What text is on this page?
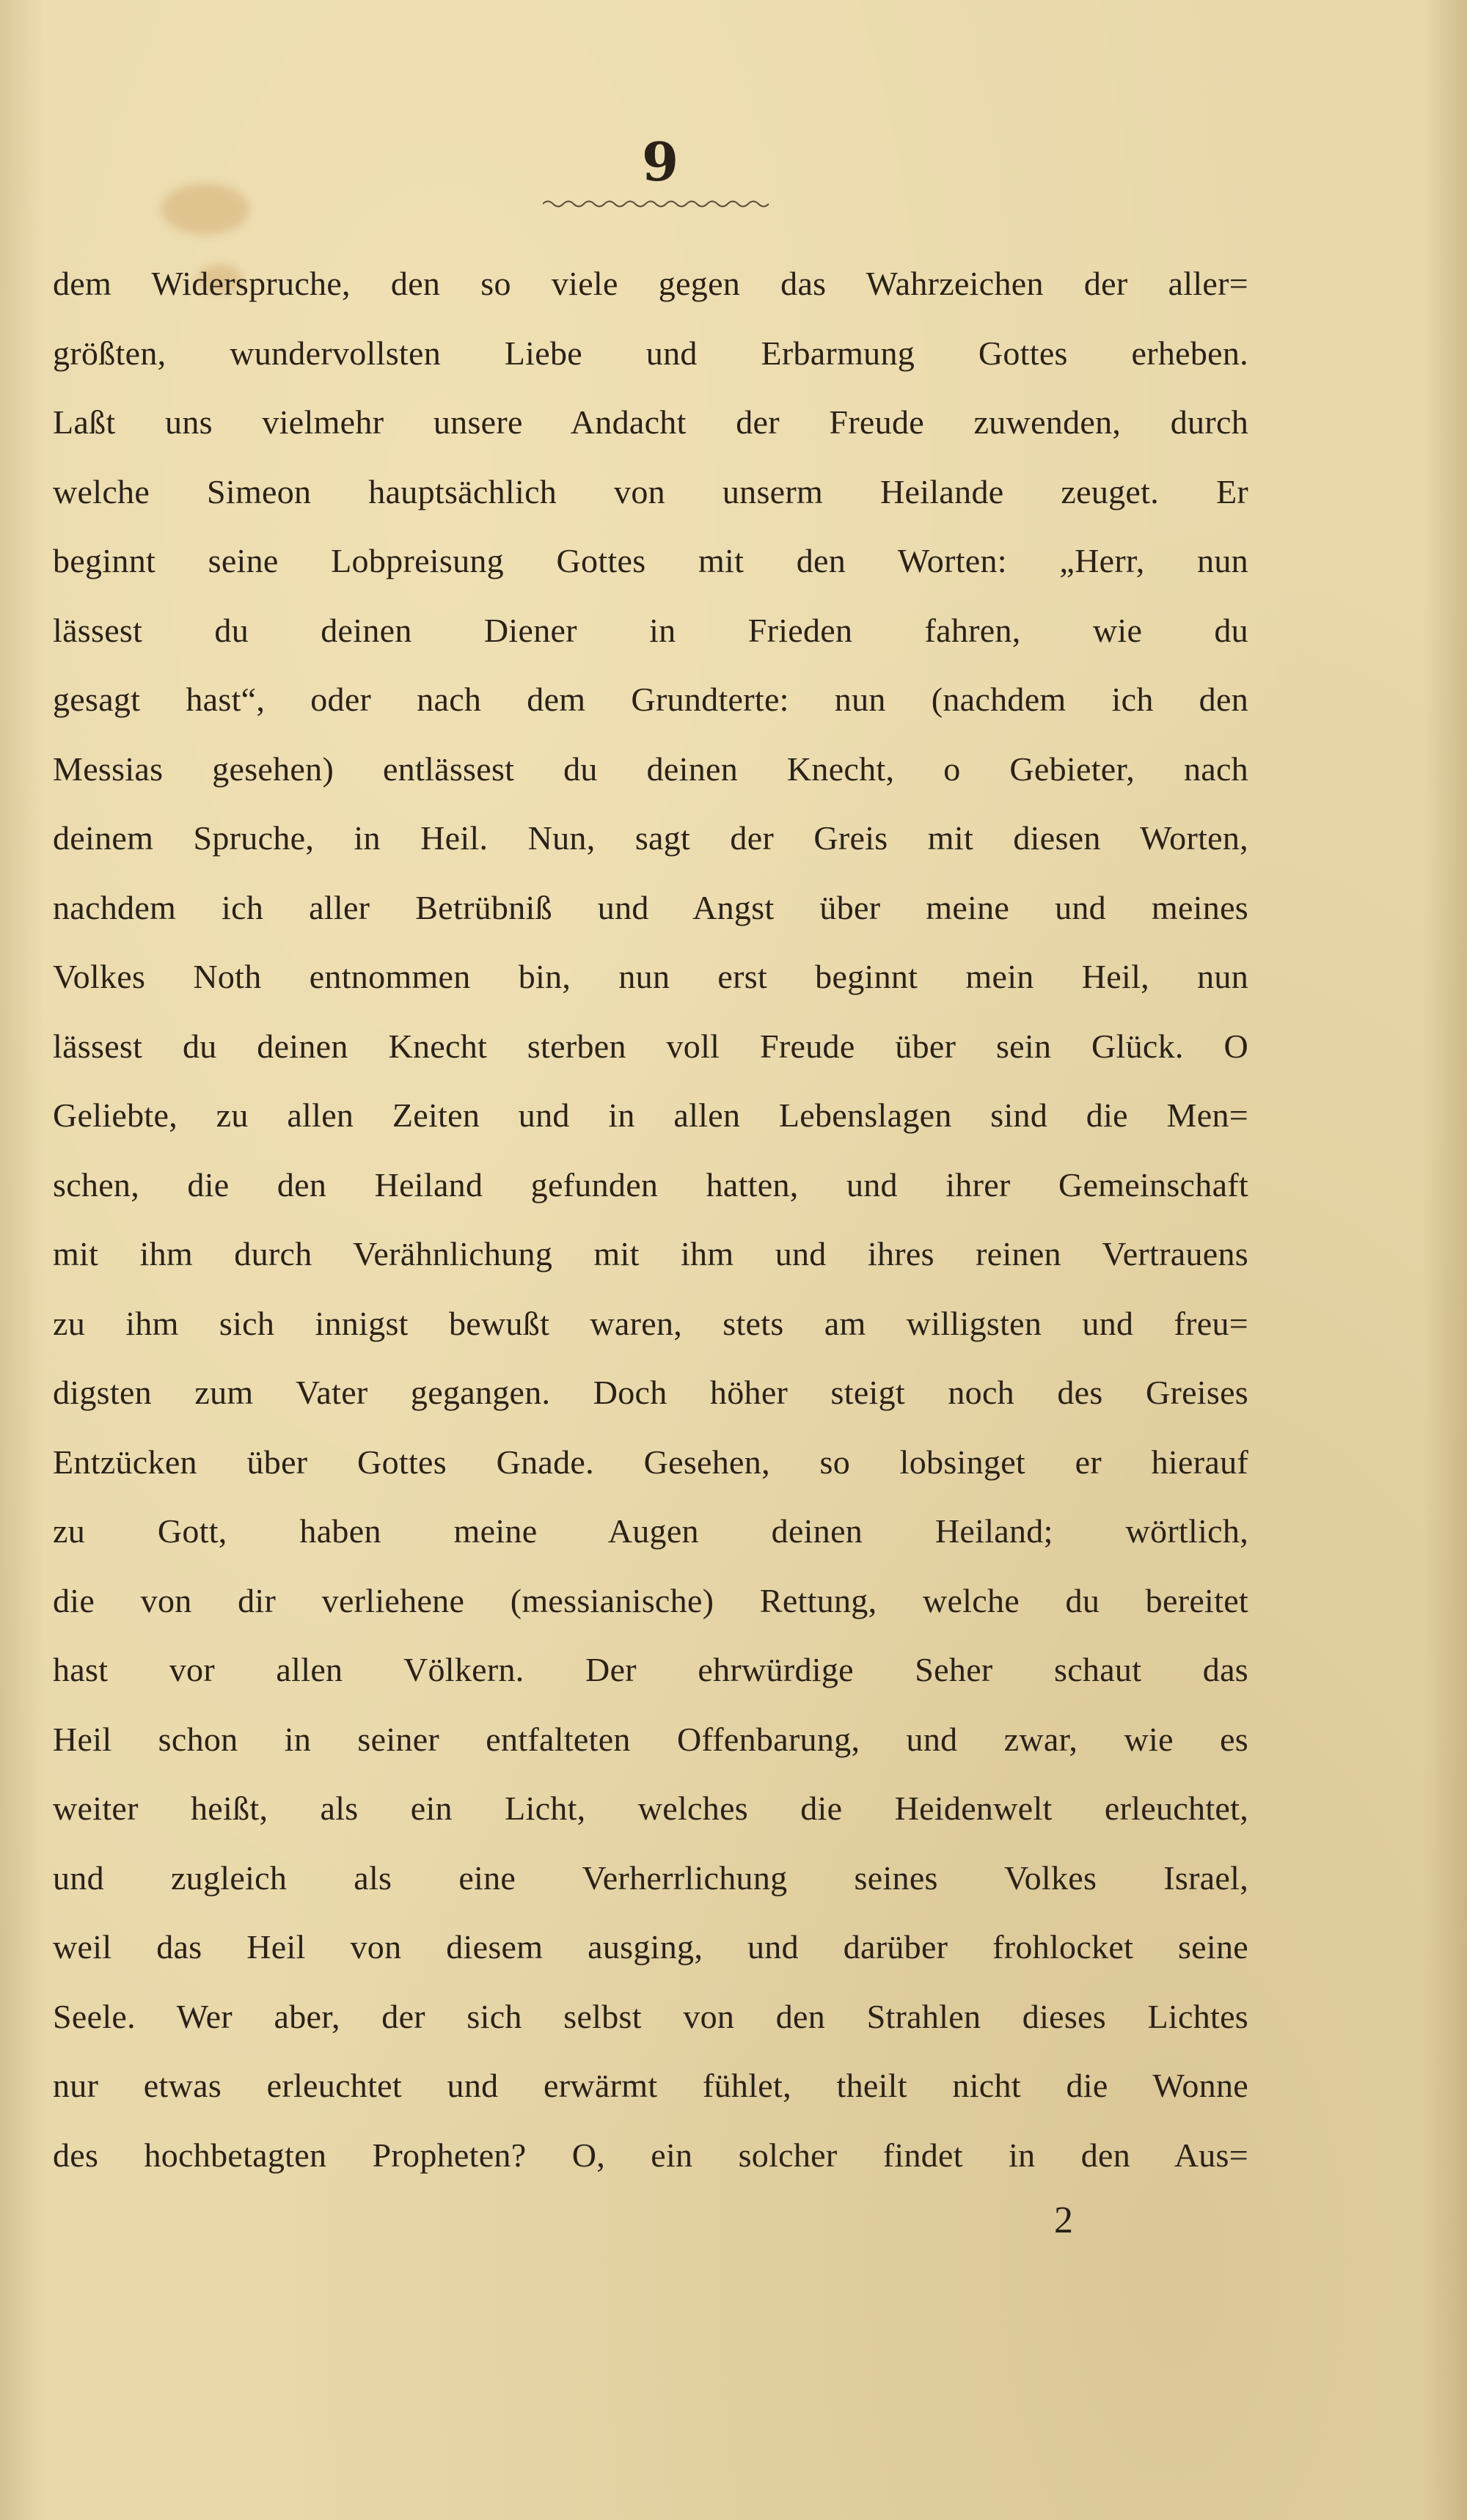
9
dem Widerspruche, den so viele gegen das Wahrzeichen der aller=
größten, wundervollsten Liebe und Erbarmung Gottes erheben.
Laßt uns vielmehr unsere Andacht der Freude zuwenden, durch
welche Simeon hauptsächlich von unserm Heilande zeuget. Er
beginnt seine Lobpreisung Gottes mit den Worten: „Herr, nun
lässest du deinen Diener in Frieden fahren, wie du
gesagt hast“, oder nach dem Grundterte: nun (nachdem ich den
Messias gesehen) entlässest du deinen Knecht, o Gebieter, nach
deinem Spruche, in Heil. Nun, sagt der Greis mit diesen Worten,
nachdem ich aller Betrübniß und Angst über meine und meines
Volkes Noth entnommen bin, nun erst beginnt mein Heil, nun
lässest du deinen Knecht sterben voll Freude über sein Glück. O
Geliebte, zu allen Zeiten und in allen Lebenslagen sind die Men=
schen, die den Heiland gefunden hatten, und ihrer Gemeinschaft
mit ihm durch Verähnlichung mit ihm und ihres reinen Vertrauens
zu ihm sich innigst bewußt waren, stets am willigsten und freu=
digsten zum Vater gegangen. Doch höher steigt noch des Greises
Entzücken über Gottes Gnade. Gesehen, so lobsinget er hierauf
zu Gott, haben meine Augen deinen Heiland; wörtlich,
die von dir verliehene (messianische) Rettung, welche du bereitet
hast vor allen Völkern. Der ehrwürdige Seher schaut das
Heil schon in seiner entfalteten Offenbarung, und zwar, wie es
weiter heißt, als ein Licht, welches die Heidenwelt erleuchtet,
und zugleich als eine Verherrlichung seines Volkes Israel,
weil das Heil von diesem ausging, und darüber frohlocket seine
Seele. Wer aber, der sich selbst von den Strahlen dieses Lichtes
nur etwas erleuchtet und erwärmt fühlet, theilt nicht die Wonne
des hochbetagten Propheten? O, ein solcher findet in den Aus=
2
